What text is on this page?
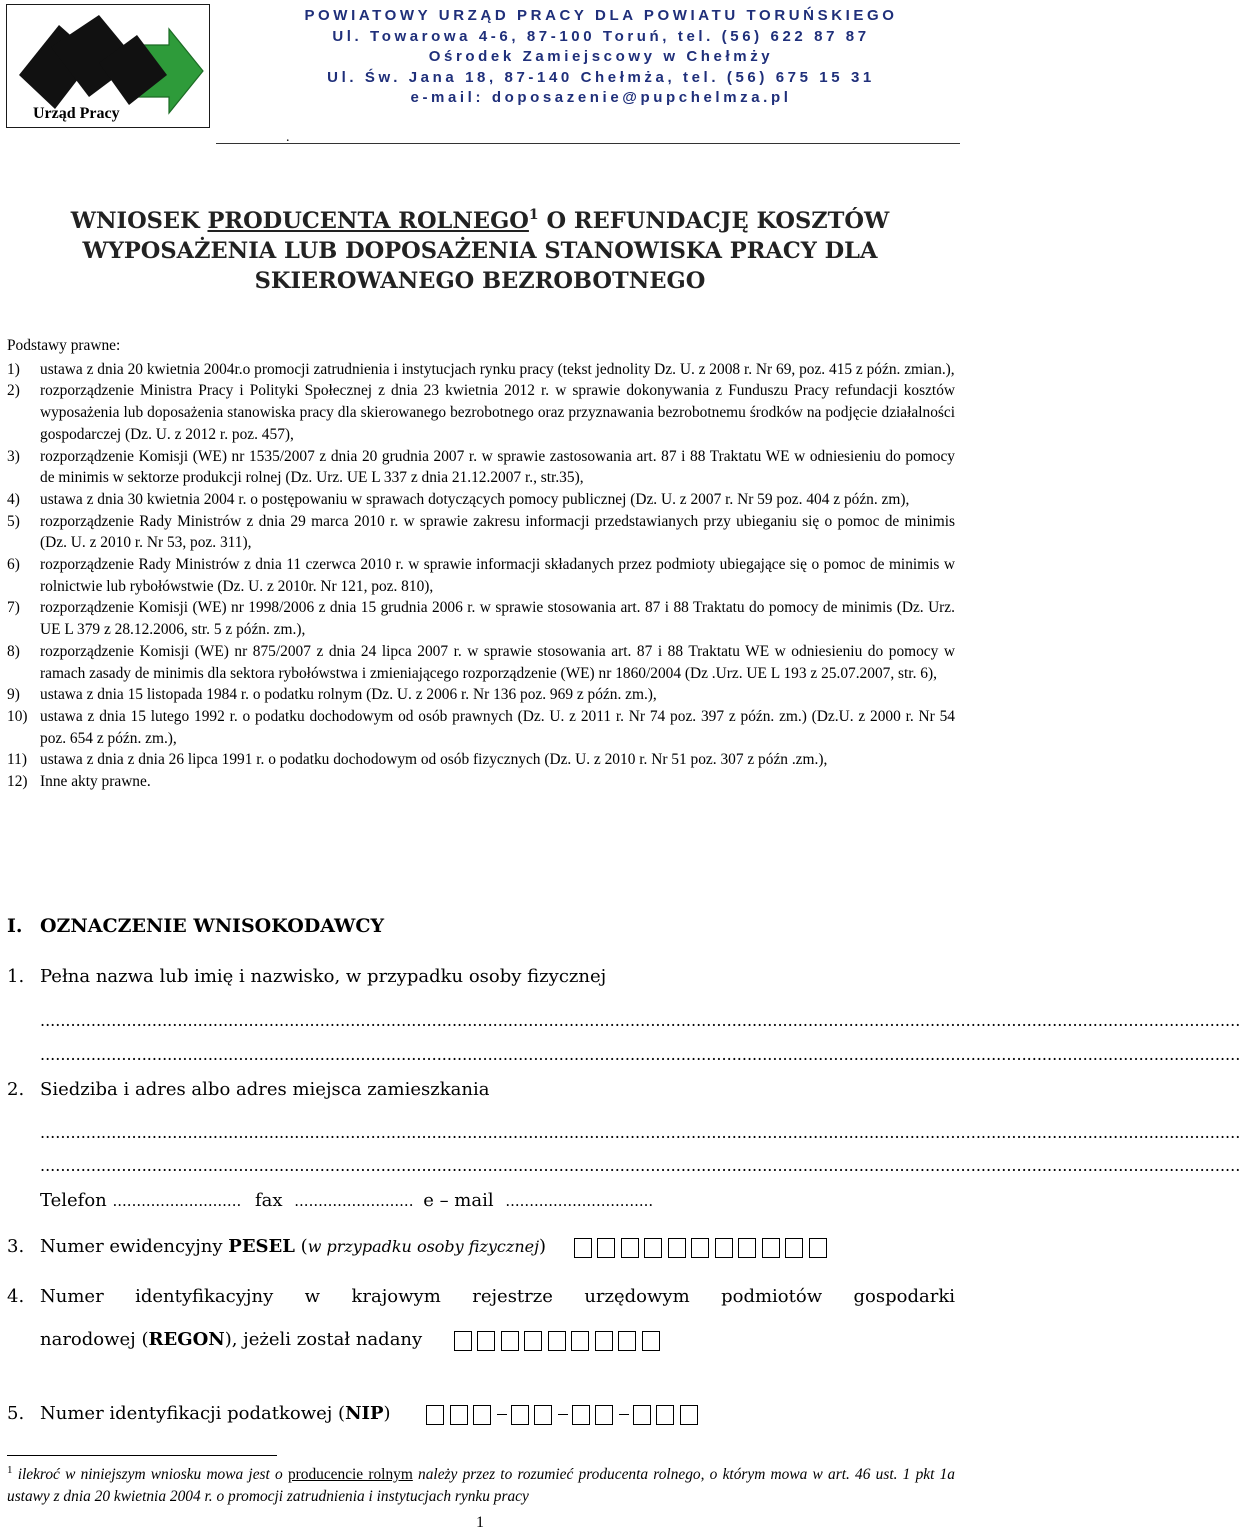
Urząd Pracy
POWIATOWY URZĄD PRACY DLA POWIATU TORUŃSKIEGO
Ul. Towarowa 4-6, 87-100 Toruń, tel. (56) 622 87 87
Ośrodek Zamiejscowy w Chełmży
Ul. Św. Jana 18, 87-140 Chełmża, tel. (56) 675 15 31
e-mail: doposazenie@pupchelmza.pl
.
WNIOSEK PRODUCENTA ROLNEGO$^1$ O REFUNDACJĘ KOSZTÓW
WYPOSAŻENIA LUB DOPOSAŻENIA STANOWISKA PRACY DLA
SKIEROWANEGO BEZROBOTNEGO
Podstawy prawne:
1)	ustawa z dnia 20 kwietnia 2004r.o promocji zatrudnienia i instytucjach rynku pracy (tekst jednolity Dz. U. z 2008 r. Nr 69, poz. 415 z późn. zmian.),
2)	rozporządzenie Ministra Pracy i Polityki Społecznej z dnia 23 kwietnia 2012 r. w sprawie dokonywania z Funduszu Pracy refundacji kosztów wyposażenia lub doposażenia stanowiska pracy dla skierowanego bezrobotnego oraz przyznawania bezrobotnemu środków na podjęcie działalności gospodarczej (Dz. U. z 2012 r. poz. 457),
3)	rozporządzenie Komisji (WE) nr 1535/2007 z dnia 20 grudnia 2007 r. w sprawie zastosowania art. 87 i 88 Traktatu WE w odniesieniu do pomocy de minimis w sektorze produkcji rolnej (Dz. Urz. UE L 337 z dnia 21.12.2007 r., str.35),
4)	ustawa z dnia 30 kwietnia 2004 r. o postępowaniu w sprawach dotyczących pomocy publicznej (Dz. U. z 2007 r. Nr 59 poz. 404 z późn. zm),
5)	rozporządzenie Rady Ministrów z dnia 29 marca 2010 r. w sprawie zakresu informacji przedstawianych przy ubieganiu się o pomoc de minimis (Dz. U. z 2010 r. Nr 53, poz. 311),
6)	rozporządzenie Rady Ministrów z dnia 11 czerwca 2010 r. w sprawie informacji składanych przez podmioty ubiegające się o pomoc de minimis w rolnictwie lub rybołówstwie (Dz. U. z 2010r. Nr 121, poz. 810),
7)	rozporządzenie Komisji (WE) nr 1998/2006 z dnia 15 grudnia 2006 r. w sprawie stosowania art. 87 i 88 Traktatu do pomocy de minimis (Dz. Urz. UE L 379 z 28.12.2006, str. 5 z późn. zm.),
8)	rozporządzenie Komisji (WE) nr 875/2007 z dnia 24 lipca 2007 r. w sprawie stosowania art. 87 i 88 Traktatu WE w odniesieniu do pomocy w ramach zasady de minimis dla sektora rybołówstwa i zmieniającego rozporządzenie (WE) nr 1860/2004 (Dz .Urz. UE L 193 z 25.07.2007, str. 6),
9)	ustawa z dnia 15 listopada 1984 r. o podatku rolnym (Dz. U. z 2006 r. Nr 136 poz. 969 z późn. zm.),
10) ustawa z dnia 15 lutego 1992 r. o podatku dochodowym od osób prawnych (Dz. U. z 2011 r. Nr 74 poz. 397 z późn. zm.) (Dz.U. z 2000 r. Nr 54 poz. 654 z późn. zm.),
11) ustawa z dnia z dnia 26 lipca 1991 r. o podatku dochodowym od osób fizycznych (Dz. U. z 2010 r. Nr 51 poz. 307 z późn .zm.),
12) Inne akty prawne.
I. OZNACZENIE WNISOKODAWCY
1. Pełna nazwa lub imię i nazwisko, w przypadku osoby fizycznej
............................................................................................................................................................................................................................................
............................................................................................................................................................................................................................................
2. Siedziba i adres albo adres miejsca zamieszkania
............................................................................................................................................................................................................................................
............................................................................................................................................................................................................................................
Telefon ........................... fax ......................... e – mail ...............................
3. Numer ewidencyjny PESEL (w przypadku osoby fizycznej)
4. Numer identyfikacyjny w krajowym rejestrze urzędowym podmiotów gospodarki
narodowej (REGON), jeżeli został nadany
5. Numer identyfikacji podatkowej (NIP)
$^1$ ilekroć w niniejszym wniosku mowa jest o producencie rolnym należy przez to rozumieć producenta rolnego, o którym mowa w art. 46 ust. 1 pkt 1a ustawy z dnia 20 kwietnia 2004 r. o promocji zatrudnienia i instytucjach rynku pracy
1
